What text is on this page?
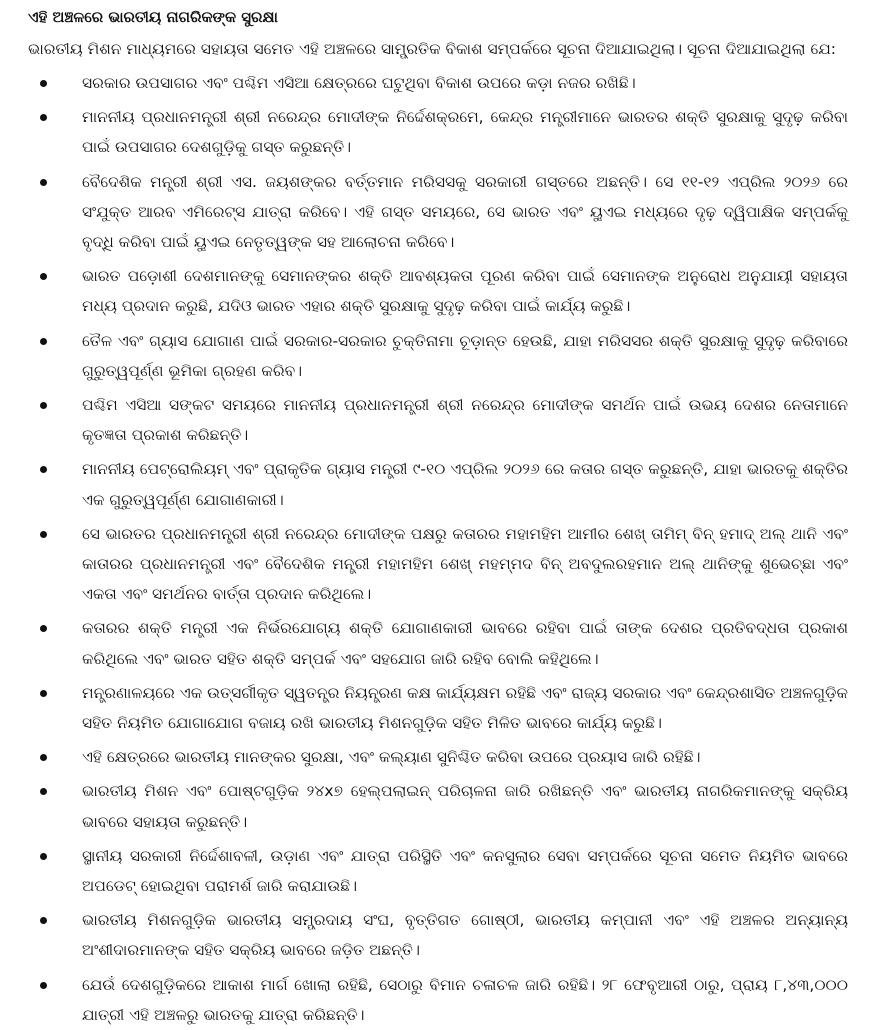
ଏହି ଅଞ୍ଚଳରେ ଭାରତୀୟ ନାଗରିକଙ୍କ ସୁରକ୍ଷା
ଭାରତୀୟ ମିଶନ ମାଧ୍ୟମରେ ସହାୟତା ସମେତ ଏହି ଅଞ୍ଚଳରେ ସାମ୍ପ୍ରତିକ ବିକାଶ ସମ୍ପର୍କରେ ସୂଚନା ଦିଆଯାଇଥିଲା। ସୂଚନା ଦିଆଯାଇଥିଲା ଯେ:
ସରକାର ଉପସାଗର ଏବଂ ପଶ୍ଚିମ ଏସିଆ କ୍ଷେତ୍ରରେ ଘଟୁଥିବା ବିକାଶ ଉପରେ କଡ଼ା ନଜର ରଖିଛି।
ମାନନୀୟ ପ୍ରଧାନମନ୍ତ୍ରୀ ଶ୍ରୀ ନରେନ୍ଦ୍ର ମୋଦୀଙ୍କ ନିର୍ଦ୍ଦେଶକ୍ରମେ, କେନ୍ଦ୍ର ମନ୍ତ୍ରୀମାନେ ଭାରତର ଶକ୍ତି ସୁରକ୍ଷାକୁ ସୁଦୃଢ଼ କରିବା ପାଇଁ ଉପସାଗର ଦେଶଗୁଡ଼ିକୁ ଗସ୍ତ କରୁଛନ୍ତି।
ବୈଦେଶିକ ମନ୍ତ୍ରୀ ଶ୍ରୀ ଏସ. ଜୟଶଙ୍କର ବର୍ତ୍ତମାନ ମରିସସକୁ ସରକାରୀ ଗସ୍ତରେ ଅଛନ୍ତି। ସେ ୧୧-୧୨ ଏପ୍ରିଲ ୨୦୨୬ ରେ ସଂଯୁକ୍ତ ଆରବ ଏମିରେଟ୍ସ ଯାତ୍ରା କରିବେ। ଏହି ଗସ୍ତ ସମୟରେ, ସେ ଭାରତ ଏବଂ ୟୁଏଇ ମଧ୍ୟରେ ଦୃଢ଼ ଦ୍ୱିପାକ୍ଷିକ ସମ୍ପର୍କକୁ ବୃଦ୍ଧି କରିବା ପାଇଁ ୟୁଏଇ ନେତୃତ୍ୱଙ୍କ ସହ ଆଲୋଚନା କରିବେ।
ଭାରତ ପଡ଼ୋଶୀ ଦେଶମାନଙ୍କୁ ସେମାନଙ୍କର ଶକ୍ତି ଆବଶ୍ୟକତା ପୂରଣ କରିବା ପାଇଁ ସେମାନଙ୍କ ଅନୁରୋଧ ଅନୁଯାୟୀ ସହାୟତା ମଧ୍ୟ ପ୍ରଦାନ କରୁଛି, ଯଦିଓ ଭାରତ ଏହାର ଶକ୍ତି ସୁରକ୍ଷାକୁ ସୁଦୃଢ଼ କରିବା ପାଇଁ କାର୍ଯ୍ୟ କରୁଛି।
ତୈଳ ଏବଂ ଗ୍ୟାସ ଯୋଗାଣ ପାଇଁ ସରକାର-ସରକାର ଚୁକ୍ତିନାମା ଚୂଡ଼ାନ୍ତ ହେଉଛି, ଯାହା ମରିସସର ଶକ୍ତି ସୁରକ୍ଷାକୁ ସୁଦୃଢ଼ କରିବାରେ ଗୁରୁତ୍ୱପୂର୍ଣ୍ଣ ଭୂମିକା ଗ୍ରହଣ କରିବ।
ପଶ୍ଚିମ ଏସିଆ ସଙ୍କଟ ସମୟରେ ମାନନୀୟ ପ୍ରଧାନମନ୍ତ୍ରୀ ଶ୍ରୀ ନରେନ୍ଦ୍ର ମୋଦୀଙ୍କ ସମର୍ଥନ ପାଇଁ ଉଭୟ ଦେଶର ନେତାମାନେ କୃତଜ୍ଞତା ପ୍ରକାଶ କରିଛନ୍ତି।
ମାନନୀୟ ପେଟ୍ରୋଲିୟମ୍ ଏବଂ ପ୍ରାକୃତିକ ଗ୍ୟାସ ମନ୍ତ୍ରୀ ୯-୧୦ ଏପ୍ରିଲ ୨୦୨୬ ରେ କତାର ଗସ୍ତ କରୁଛନ୍ତି, ଯାହା ଭାରତକୁ ଶକ୍ତିର ଏକ ଗୁରୁତ୍ୱପୂର୍ଣ୍ଣ ଯୋଗାଣକାରୀ।
ସେ ଭାରତର ପ୍ରଧାନମନ୍ତ୍ରୀ ଶ୍ରୀ ନରେନ୍ଦ୍ର ମୋଦୀଙ୍କ ପକ୍ଷରୁ କତାରର ମହାମହିମ ଆମୀର ଶେଖ୍ ତାମିମ୍ ବିନ୍ ହମାଦ୍ ଅଲ୍ ଥାନି ଏବଂ କାତାରର ପ୍ରଧାନମନ୍ତ୍ରୀ ଏବଂ ବୈଦେଶିକ ମନ୍ତ୍ରୀ ମହାମହିମ ଶେଖ୍ ମହମ୍ମଦ ବିନ୍ ଅବଦୁଲରହମାନ ଅଲ୍ ଥାନିଙ୍କୁ ଶୁଭେଚ୍ଛା ଏବଂ ଏକତା ଏବଂ ସମର୍ଥନର ବାର୍ତ୍ତା ପ୍ରଦାନ କରିଥିଲେ।
କତାରର ଶକ୍ତି ମନ୍ତ୍ରୀ ଏକ ନିର୍ଭରଯୋଗ୍ୟ ଶକ୍ତି ଯୋଗାଣକାରୀ ଭାବରେ ରହିବା ପାଇଁ ତାଙ୍କ ଦେଶର ପ୍ରତିବଦ୍ଧତା ପ୍ରକାଶ କରିଥିଲେ ଏବଂ ଭାରତ ସହିତ ଶକ୍ତି ସମ୍ପର୍କ ଏବଂ ସହଯୋଗ ଜାରି ରହିବ ବୋଲି କହିଥିଲେ।
ମନ୍ତ୍ରଣାଳୟରେ ଏକ ଉତ୍ସର୍ଗୀକୃତ ସ୍ୱତନ୍ତ୍ର ନିୟନ୍ତ୍ରଣ କକ୍ଷ କାର୍ଯ୍ୟକ୍ଷମ ରହିଛି ଏବଂ ରାଜ୍ୟ ସରକାର ଏବଂ କେନ୍ଦ୍ରଶାସିତ ଅଞ୍ଚଳଗୁଡ଼ିକ ସହିତ ନିୟମିତ ଯୋଗାଯୋଗ ବଜାୟ ରଖି ଭାରତୀୟ ମିଶନଗୁଡ଼ିକ ସହିତ ମିଳିତ ଭାବରେ କାର୍ଯ୍ୟ କରୁଛି।
ଏହି କ୍ଷେତ୍ରରେ ଭାରତୀୟ ମାନଙ୍କର ସୁରକ୍ଷା, ଏବଂ କଲ୍ୟାଣ ସୁନିଶ୍ଚିତ କରିବା ଉପରେ ପ୍ରୟାସ ଜାରି ରହିଛି।
ଭାରତୀୟ ମିଶନ ଏବଂ ପୋଷ୍ଟଗୁଡ଼ିକ ୨୪x୭ ହେଲ୍ପଲାଇନ୍ ପରିଚାଳନା ଜାରି ରଖିଛନ୍ତି ଏବଂ ଭାରତୀୟ ନାଗରିକମାନଙ୍କୁ ସକ୍ରିୟ ଭାବରେ ସହାୟତା କରୁଛନ୍ତି।
ସ୍ଥାନୀୟ ସରକାରୀ ନିର୍ଦ୍ଦେଶାବଳୀ, ଉଡ଼ାଣ ଏବଂ ଯାତ୍ରା ପରିସ୍ଥିତି ଏବଂ କନସୁଲାର ସେବା ସମ୍ପର୍କରେ ସୂଚନା ସମେତ ନିୟମିତ ଭାବରେ ଅପଡେଟ୍ ହୋଇଥିବା ପରାମର୍ଶ ଜାରି କରାଯାଉଛି।
ଭାରତୀୟ ମିଶନଗୁଡ଼ିକ ଭାରତୀୟ ସମ୍ପ୍ରଦାୟ ସଂଘ, ବୃତ୍ତିଗତ ଗୋଷ୍ଠୀ, ଭାରତୀୟ କମ୍ପାନୀ ଏବଂ ଏହି ଅଞ୍ଚଳର ଅନ୍ୟାନ୍ୟ ଅଂଶୀଦାରମାନଙ୍କ ସହିତ ସକ୍ରିୟ ଭାବରେ ଜଡ଼ିତ ଅଛନ୍ତି।
ଯେଉଁ ଦେଶଗୁଡ଼ିକରେ ଆକାଶ ମାର୍ଗ ଖୋଲା ରହିଛି, ସେଠାରୁ ବିମାନ ଚଳାଚଳ ଜାରି ରହିଛି। ୨୮ ଫେବୃଆରୀ ଠାରୁ, ପ୍ରାୟ ୮,୪୩,୦୦୦ ଯାତ୍ରୀ ଏହି ଅଞ୍ଚଳରୁ ଭାରତକୁ ଯାତ୍ରା କରିଛନ୍ତି।
